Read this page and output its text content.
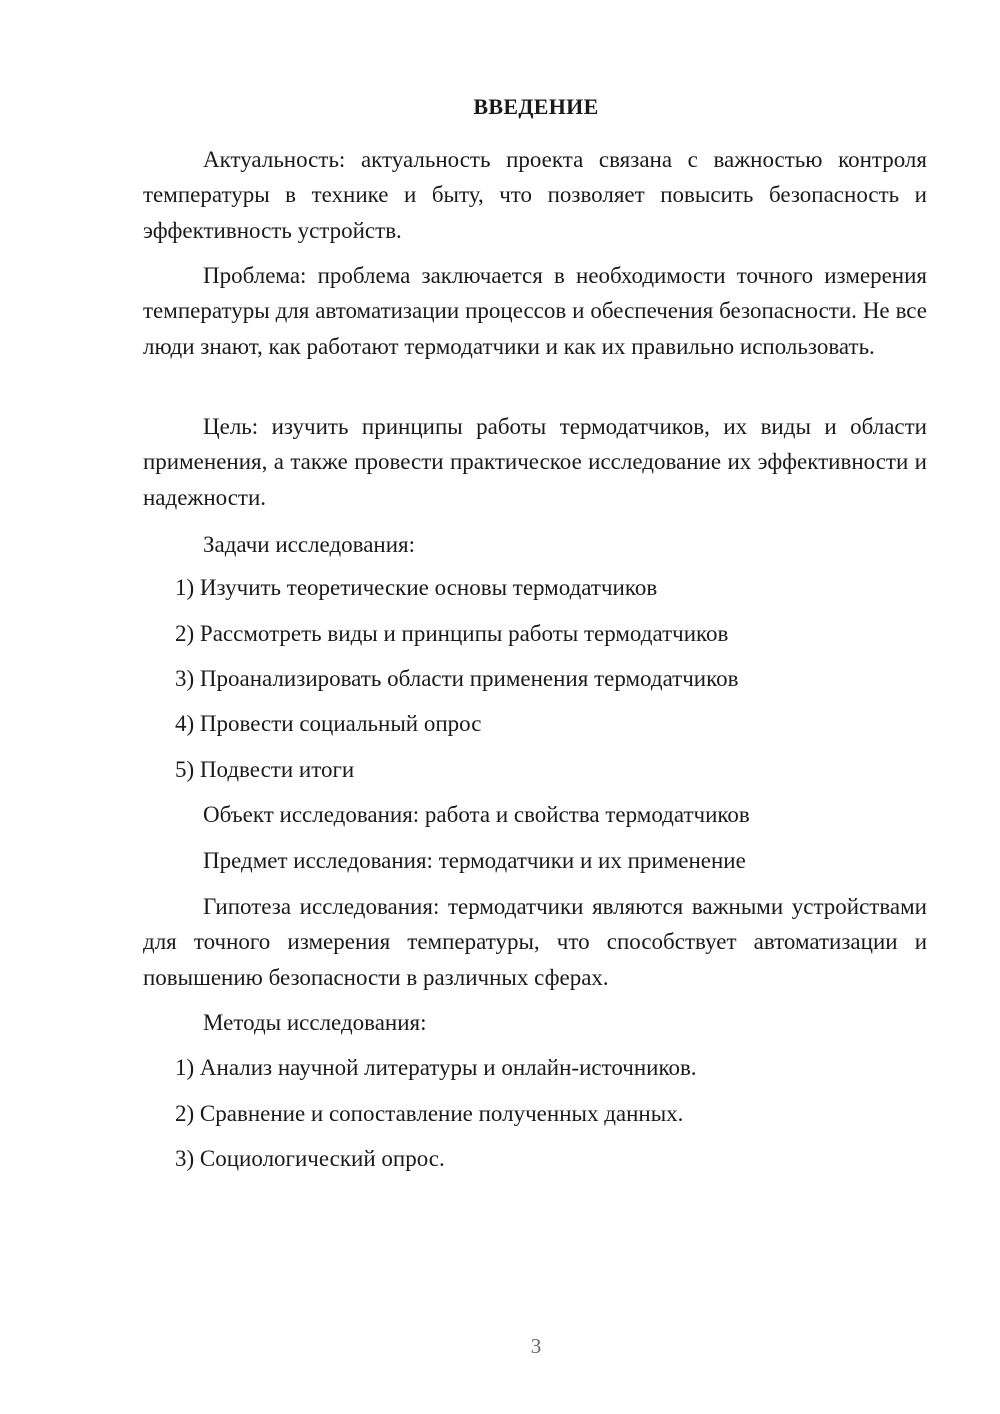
ВВЕДЕНИЕ

Актуальность: актуальность проекта связана с важностью контроля температуры в технике и быту, что позволяет повысить безопасность и эффективность устройств.

Проблема: проблема заключается в необходимости точного измерения температуры для автоматизации процессов и обеспечения безопасности. Не все люди знают, как работают термодатчики и как их правильно использовать.

Цель: изучить принципы работы термодатчиков, их виды и области применения, а также провести практическое исследование их эффективности и надежности.

Задачи исследования:

1) Изучить теоретические основы термодатчиков

2) Рассмотреть виды и принципы работы термодатчиков

3) Проанализировать области применения термодатчиков

4) Провести социальный опрос

5) Подвести итоги

Объект исследования: работа и свойства термодатчиков

Предмет исследования: термодатчики и их применение

Гипотеза исследования: термодатчики являются важными устройствами для точного измерения температуры, что способствует автоматизации и повышению безопасности в различных сферах.

Методы исследования:

1) Анализ научной литературы и онлайн-источников.

2) Сравнение и сопоставление полученных данных.

3) Социологический опрос.

3
